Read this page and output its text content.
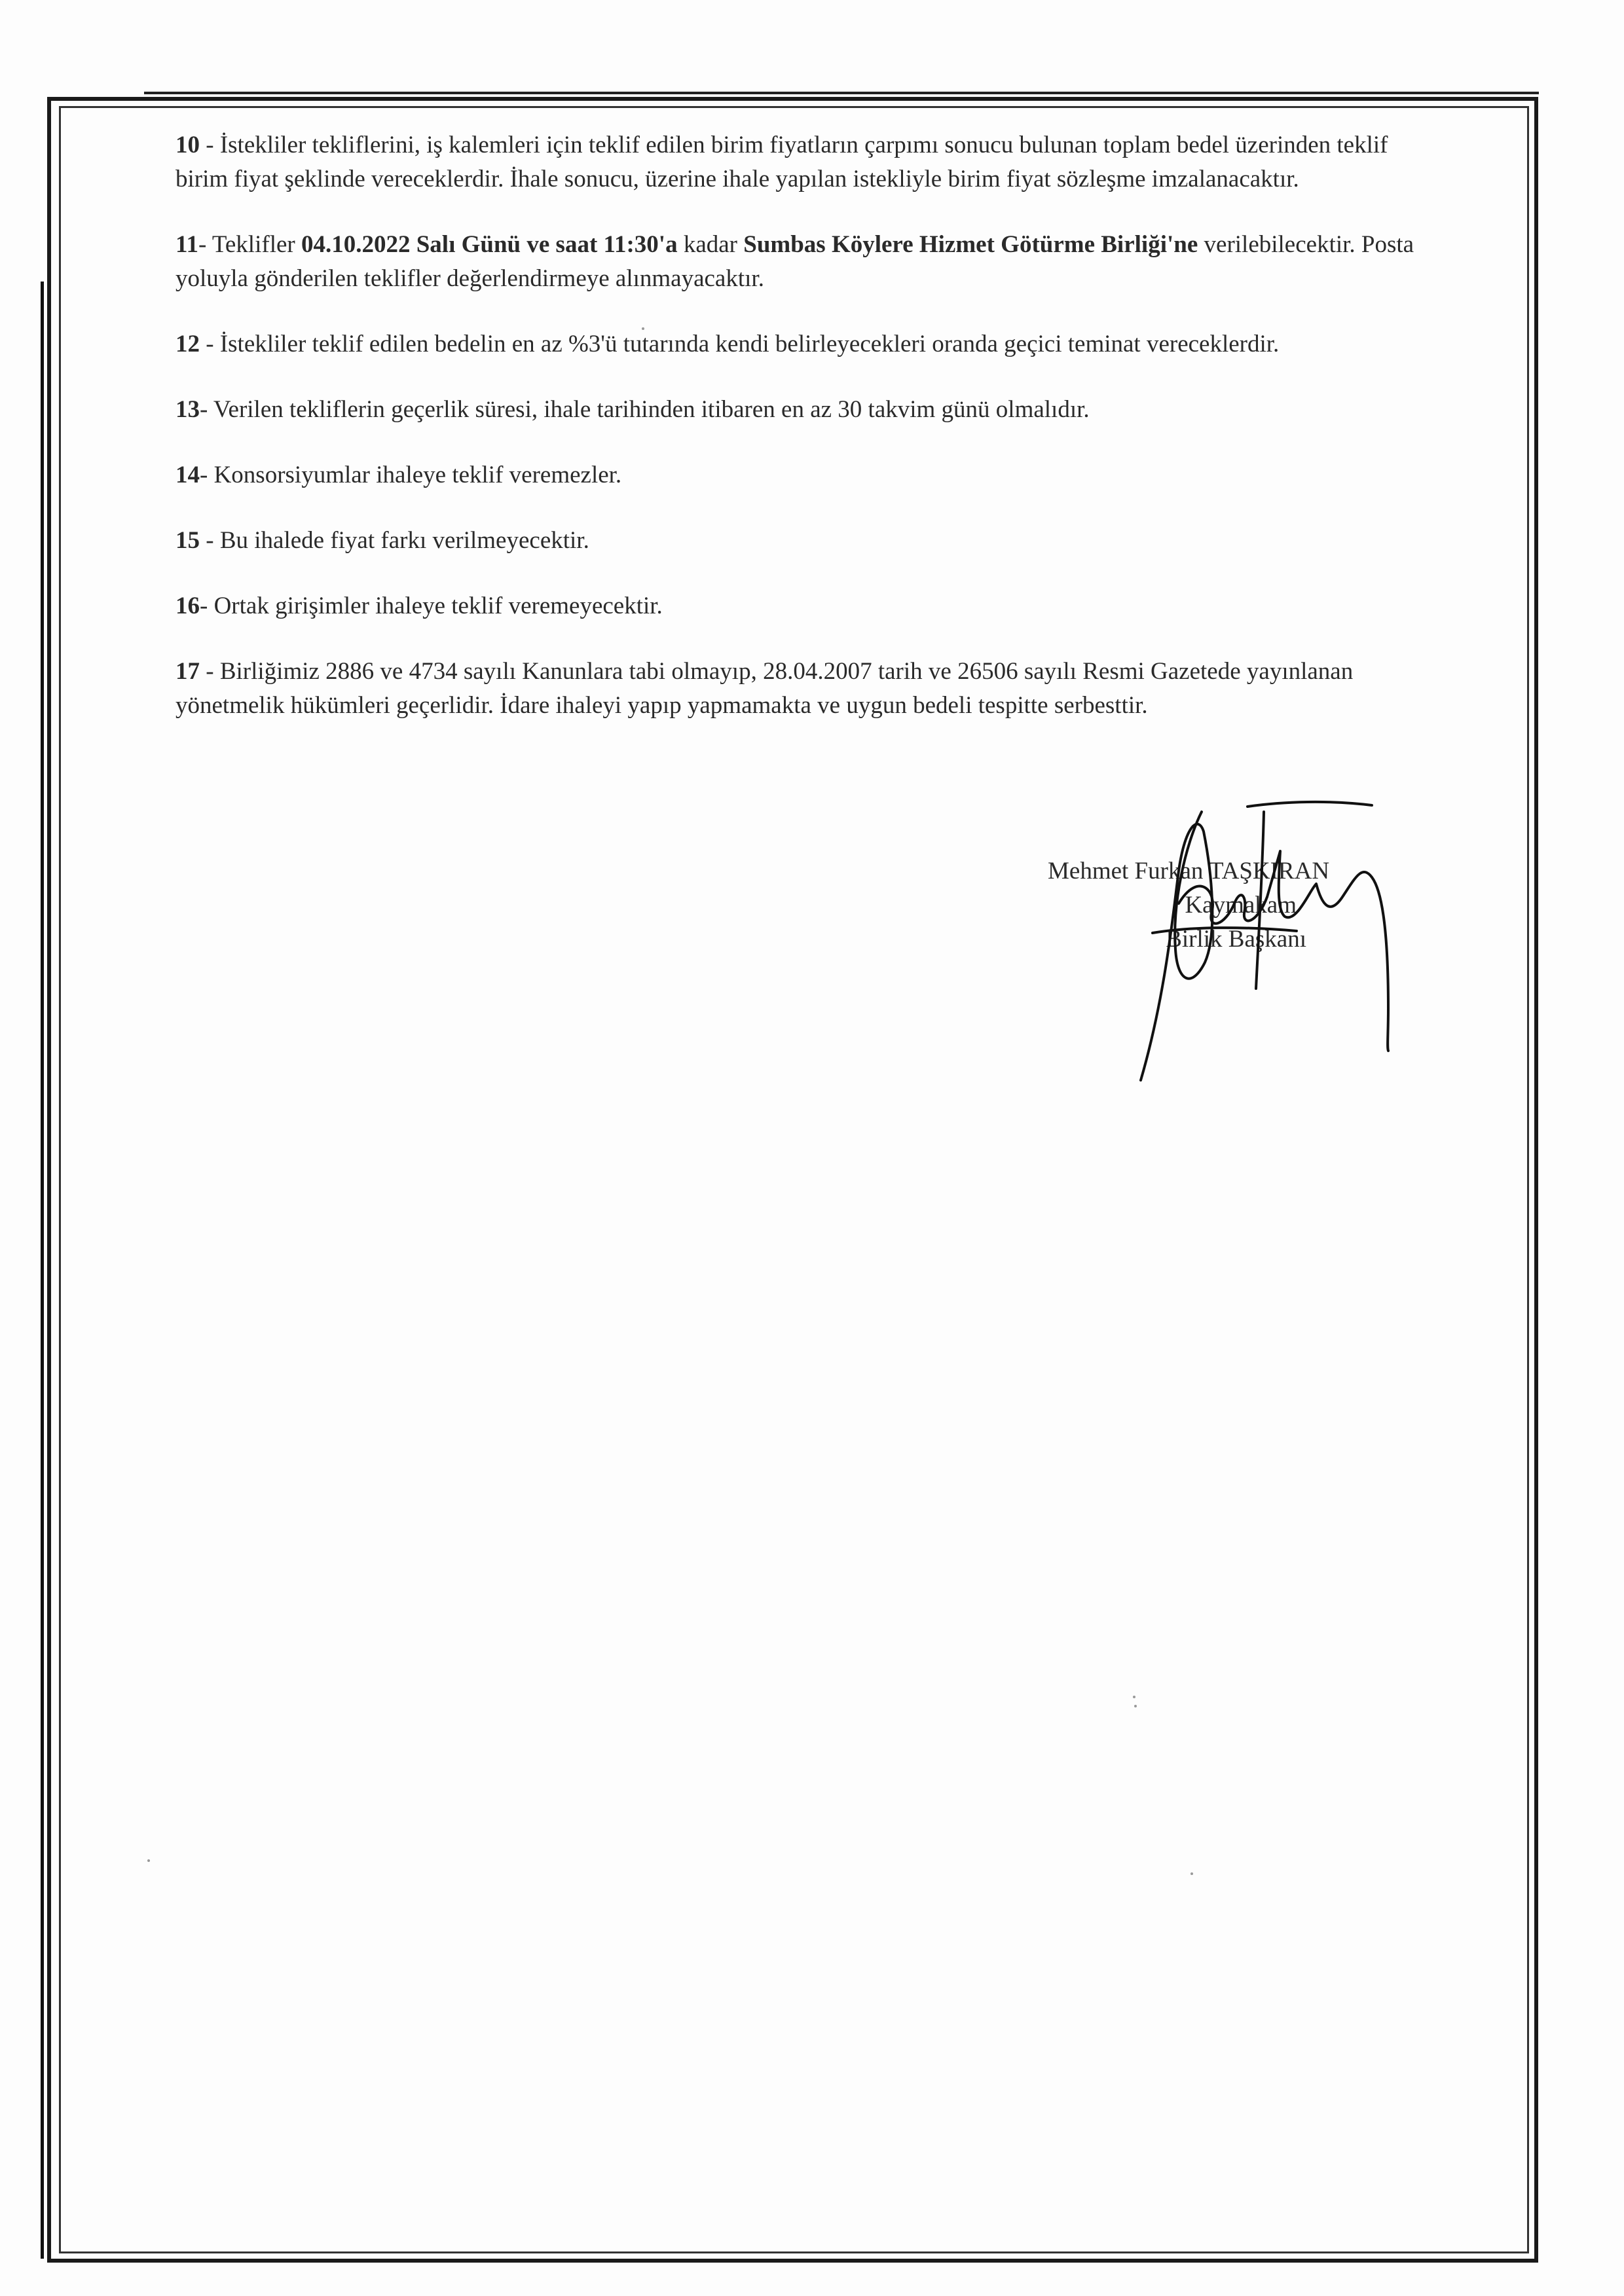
10 - İstekliler tekliflerini, iş kalemleri için teklif edilen birim fiyatların çarpımı sonucu bulunan toplam bedel üzerinden teklif birim fiyat şeklinde vereceklerdir. İhale sonucu, üzerine ihale yapılan istekliyle birim fiyat sözleşme imzalanacaktır.

11- Teklifler 04.10.2022 Salı Günü ve saat 11:30'a kadar Sumbas Köylere Hizmet Götürme Birliği'ne verilebilecektir. Posta yoluyla gönderilen teklifler değerlendirmeye alınmayacaktır.

12 - İstekliler teklif edilen bedelin en az %3'ü tutarında kendi belirleyecekleri oranda geçici teminat vereceklerdir.

13- Verilen tekliflerin geçerlik süresi, ihale tarihinden itibaren en az 30 takvim günü olmalıdır.

14- Konsorsiyumlar ihaleye teklif veremezler.

15 - Bu ihalede fiyat farkı verilmeyecektir.

16- Ortak girişimler ihaleye teklif veremeyecektir.

17 - Birliğimiz 2886 ve 4734 sayılı Kanunlara tabi olmayıp, 28.04.2007 tarih ve 26506 sayılı Resmi Gazetede yayınlanan yönetmelik hükümleri geçerlidir. İdare ihaleyi yapıp yapmamakta ve uygun bedeli tespitte serbesttir.

Mehmet Furkan TAŞKIRAN
Kaymakam
Birlik Başkanı
